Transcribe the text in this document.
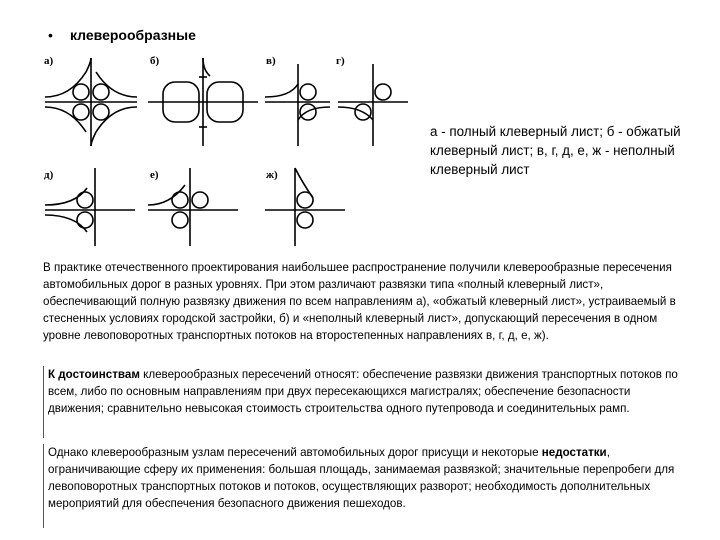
• клеверообразные
а)	б)	в)	г)
д)	е)	ж)
а - полный клеверный лист; б - обжатый клеверный лист; в, г, д, е, ж - неполный клеверный лист
В практике отечественного проектирования наибольшее распространение получили клеверообразные пересечения автомобильных дорог в разных уровнях. При этом различают развязки типа «полный клеверный лист», обеспечивающий полную развязку движения по всем направлениям а), «обжатый клеверный лист», устраиваемый в стесненных условиях городской застройки, б) и «неполный клеверный лист», допускающий пересечения в одном уровне левоповоротных транспортных потоков на второстепенных направлениях в, г, д, е, ж).
К достоинствам клеверообразных пересечений относят: обеспечение развязки движения транспортных потоков по всем, либо по основным направлениям при двух пересекающихся магистралях; обеспечение безопасности движения; сравнительно невысокая стоимость строительства одного путепровода и соединительных рамп.
Однако клеверообразным узлам пересечений автомобильных дорог присущи и некоторые недостатки, ограничивающие сферу их применения: большая площадь, занимаемая развязкой; значительные перепробеги для левоповоротных транспортных потоков и потоков, осуществляющих разворот; необходимость дополнительных мероприятий для обеспечения безопасного движения пешеходов.
